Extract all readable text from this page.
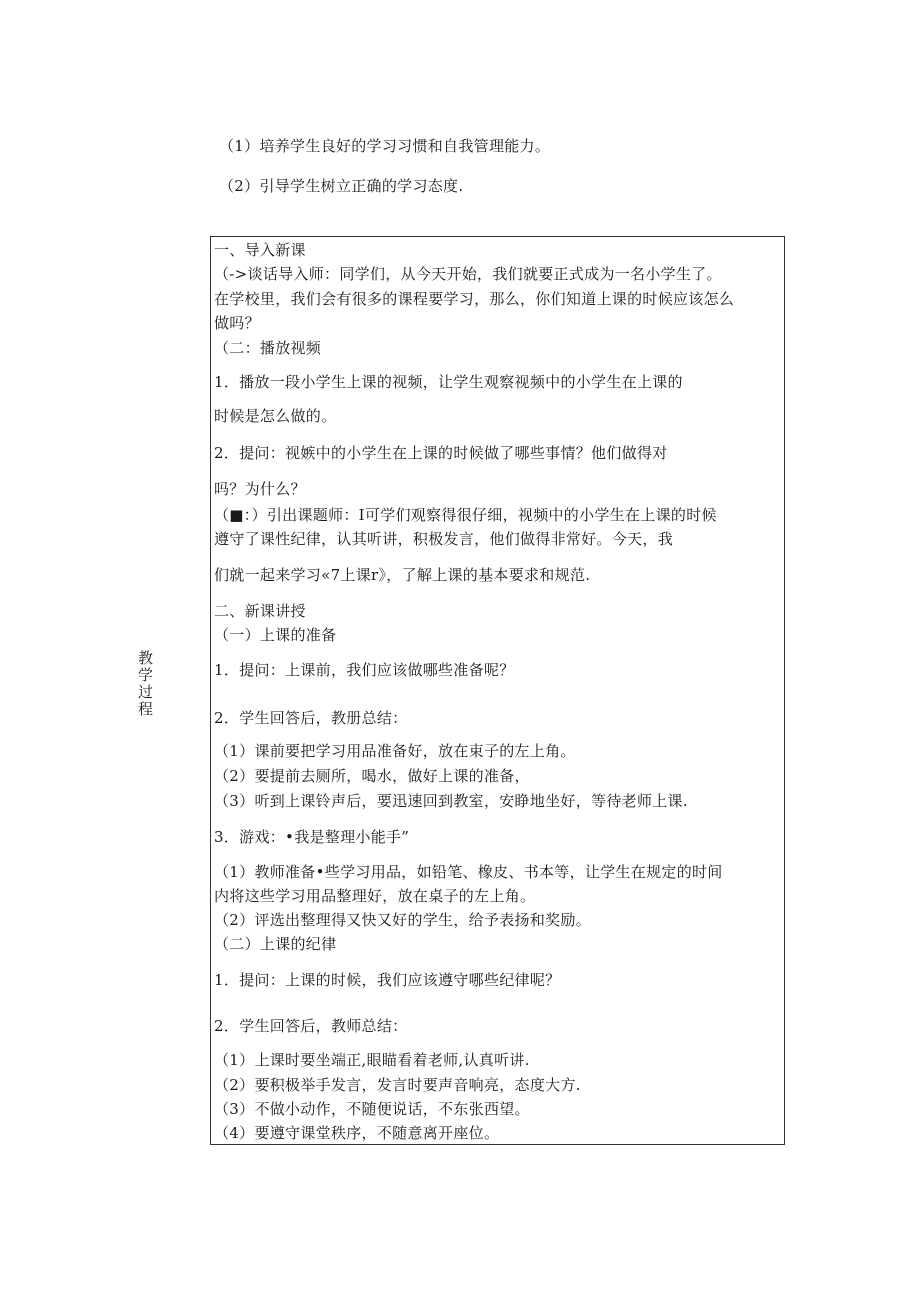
（1）培养学生良好的学习习惯和自我管理能力。
（2）引导学生树立正确的学习态度.
教学过程
一、导入新课
（->谈话导入师：同学们，从今天开始，我们就要正式成为一名小学生了。
在学校里，我们会有很多的课程要学习，那么，你们知道上课的时候应该怎么
做吗？
（二：播放视频
1．播放一段小学生上课的视频，让学生观察视频中的小学生在上课的
时候是怎么做的。
2．提问：视嫉中的小学生在上课的时候做了哪些事情？他们做得对
吗？为什么？
（■：）引出课题师：I可学们观察得很仔细，视频中的小学生在上课的时候
遵守了课性纪律，认其听讲，积极发言，他们做得非常好。今天，我
们就一起来学习«7上课r》，了解上课的基本要求和规范.
二、新课讲授
（一）上课的准备
1．提问：上课前，我们应该做哪些准备呢？
2．学生回答后，教册总结：
（1）课前要把学习用品准备好，放在束子的左上角。
（2）要提前去厕所，喝水，做好上课的准备，
（3）听到上课铃声后，要迅速回到教室，安睁地坐好，等待老师上课.
3．游戏：•我是整理小能手”
（1）教师准备•些学习用品，如铅笔、橡皮、书本等，让学生在规定的时间
内将这些学习用品整理好，放在桌子的左上角。
（2）评选出整理得又快又好的学生，给予表扬和奖励。
（二）上课的纪律
1．提问：上课的时候，我们应该遵守哪些纪律呢？
2．学生回答后，教师总结：
（1）上课时要坐端正,眼瞄看着老师,认真听讲.
（2）要积极举手发言，发言时要声音响亮，态度大方.
（3）不做小动作，不随便说话，不东张西望。
（4）要遵守课堂秩序，不随意离开座位。
